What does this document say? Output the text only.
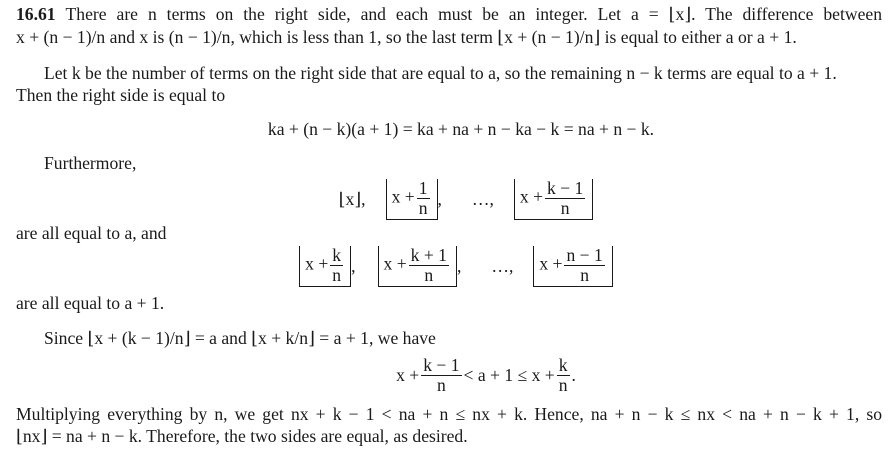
16.61 There are n terms on the right side, and each must be an integer. Let a = ⌊x⌋. The difference between
x + (n − 1)/n and x is (n − 1)/n, which is less than 1, so the last term ⌊x + (n − 1)/n⌋ is equal to either a or a + 1.
Let k be the number of terms on the right side that are equal to a, so the remaining n − k terms are equal to a + 1.
Then the right side is equal to
ka + (n − k)(a + 1) = ka + na + n − ka − k = na + n − k.
Furthermore,
⌊x⌋,	$x + \frac{1}{n}$ , …,	$x + \frac{k - 1}{n}$
are all equal to a, and
$x + \frac{k}{n}$ ,	$x + \frac{k + 1}{n}$ , …,	$x + \frac{n - 1}{n}$
are all equal to a + 1.
Since ⌊x + (k − 1)/n⌋ = a and ⌊x + k/n⌋ = a + 1, we have
$x + \frac{k - 1}{n} < a + 1 \le x + \frac{k}{n}$ .
Multiplying everything by n, we get nx + k − 1 < na + n ≤ nx + k. Hence, na + n − k ≤ nx < na + n − k + 1, so
⌊nx⌋ = na + n − k. Therefore, the two sides are equal, as desired.
